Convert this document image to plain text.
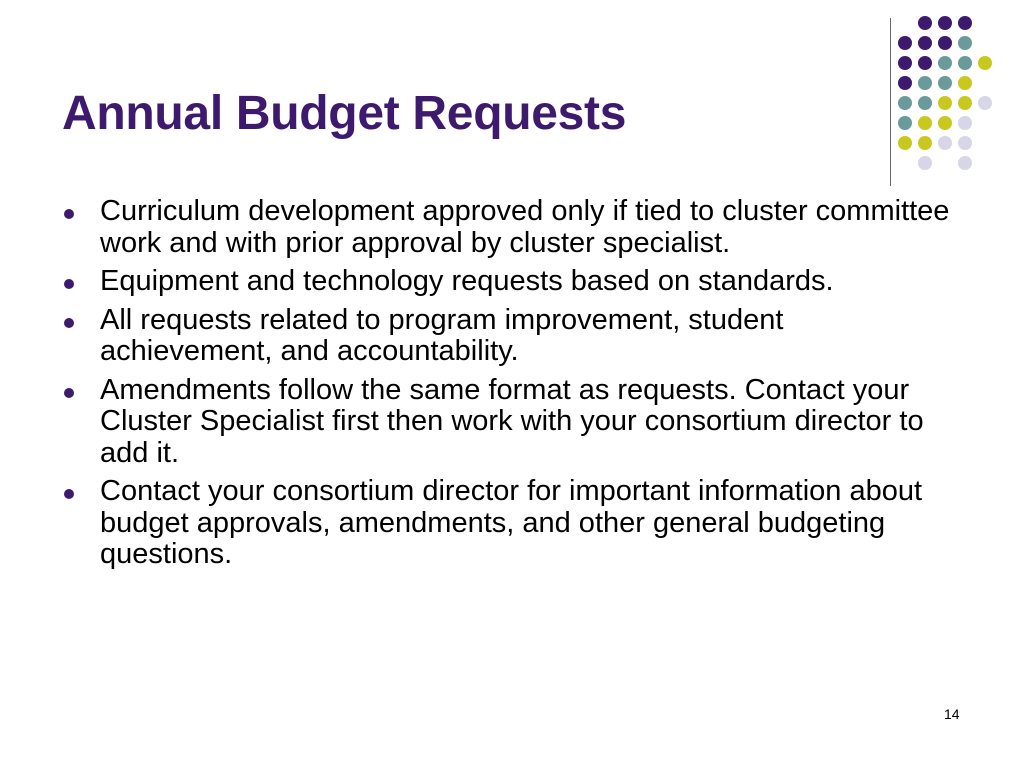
Annual Budget Requests
Curriculum development approved only if tied to cluster committee work and with prior approval by cluster specialist.
Equipment and technology requests based on standards.
All requests related to program improvement, student achievement, and accountability.
Amendments follow the same format as requests. Contact your Cluster Specialist first then work with your consortium director to add it.
Contact your consortium director for important information about budget approvals, amendments, and other general budgeting questions.
14
